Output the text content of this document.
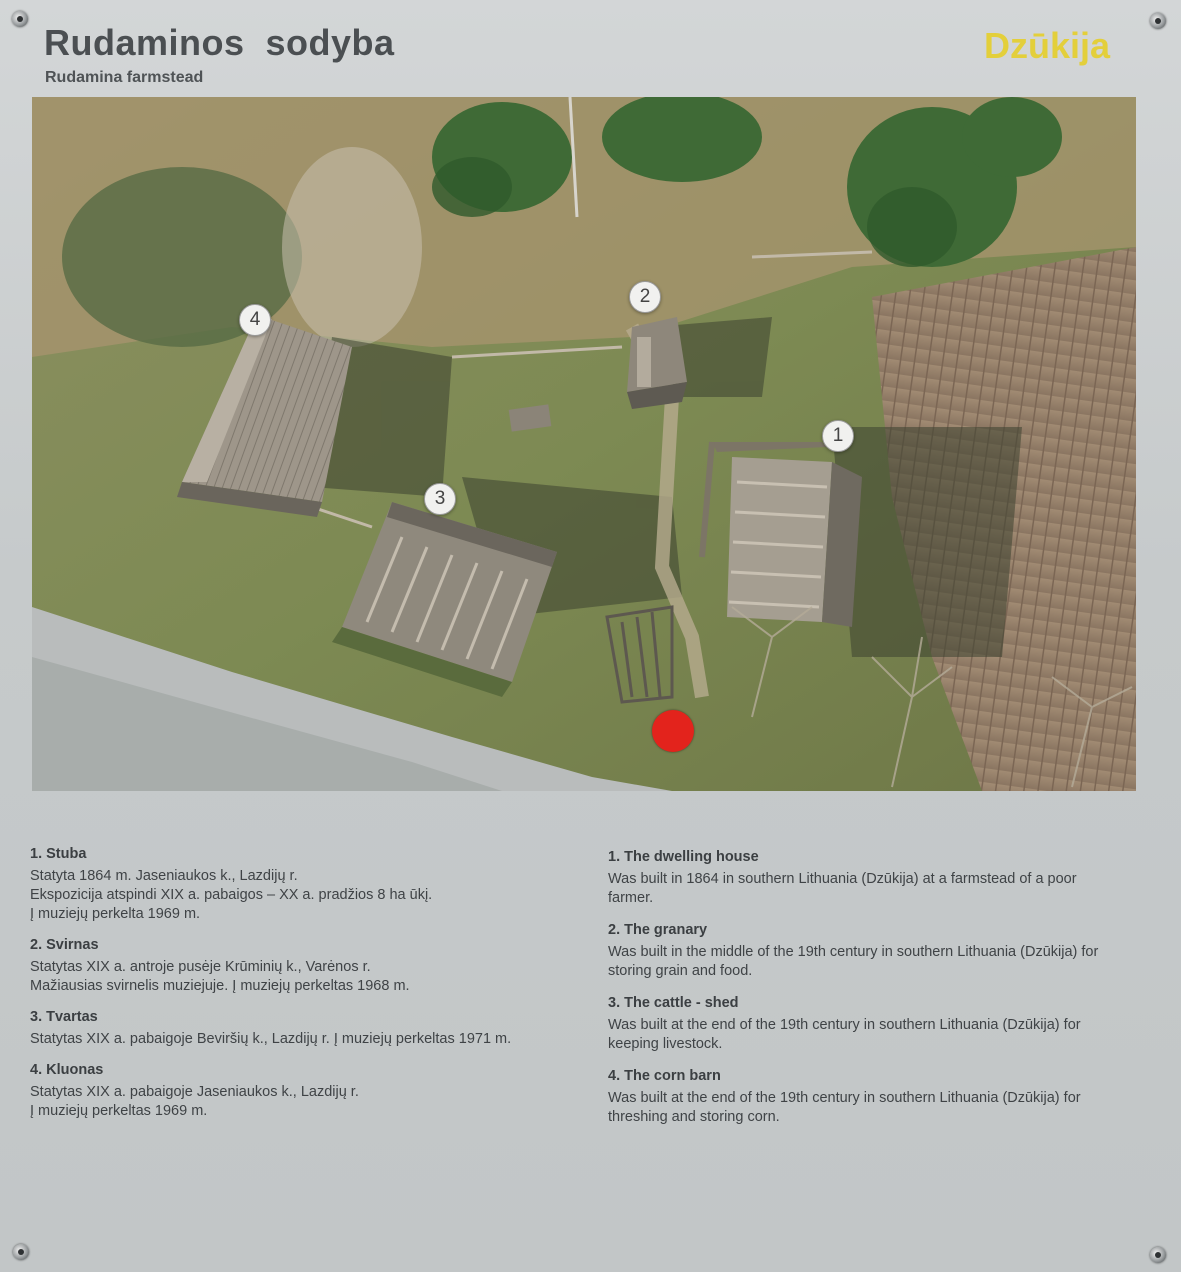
Rudaminos  sodyba
Rudamina farmstead
Dzūkija
4
2
1
3
1. Stuba

Statyta 1864 m. Jaseniaukos k., Lazdijų r.
Ekspozicija atspindi XIX a. pabaigos – XX a. pradžios 8 ha ūkį.
Į muziejų perkelta 1969 m.

2. Svirnas

Statytas XIX a. antroje pusėje Krūminių k., Varėnos r.
Mažiausias svirnelis muziejuje. Į muziejų perkeltas 1968 m.

3. Tvartas

Statytas XIX a. pabaigoje Beviršių k., Lazdijų r. Į muziejų perkeltas 1971 m.

4. Kluonas

Statytas XIX a. pabaigoje Jaseniaukos k., Lazdijų r.
Į muziejų perkeltas 1969 m.

1. The dwelling house

Was built in 1864 in southern Lithuania (Dzūkija) at a farmstead of a poor
farmer.

2. The granary

Was built in the middle of the 19th century in southern Lithuania (Dzūkija) for
storing grain and food.

3. The cattle - shed

Was built at the end of the 19th century in southern Lithuania (Dzūkija) for
keeping livestock.

4. The corn barn

Was built at the end of the 19th century in southern Lithuania (Dzūkija) for
threshing and storing corn.
